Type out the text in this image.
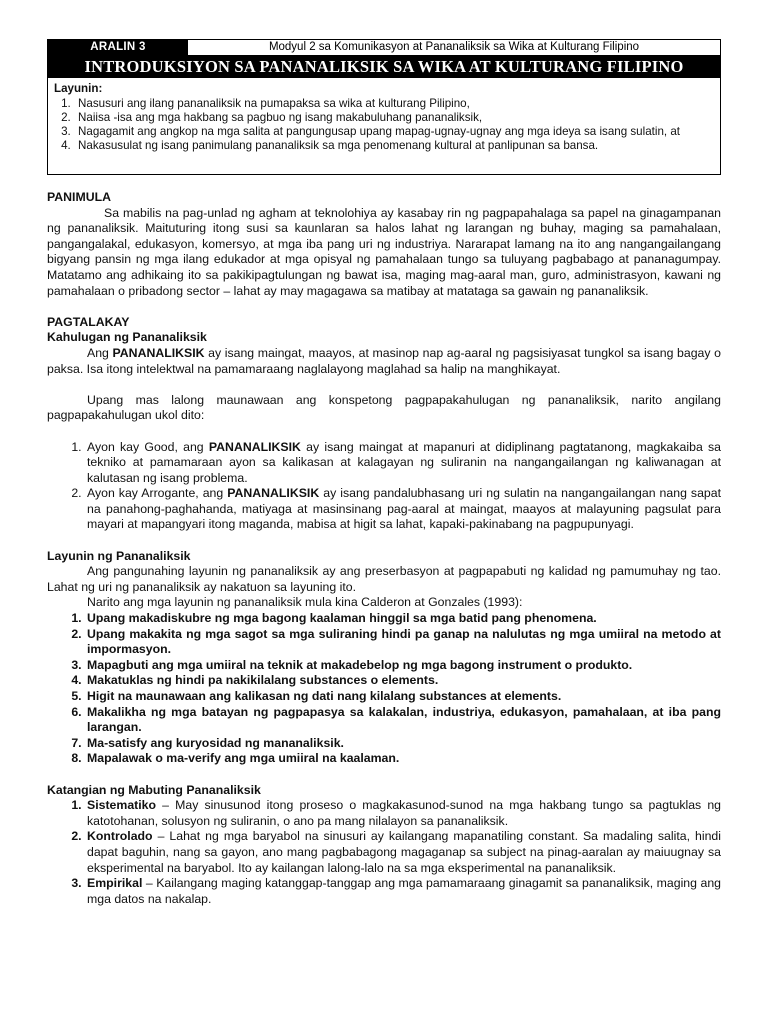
ARALIN 3	Modyul 2 sa Komunikasyon at Pananaliksik sa Wika at Kulturang Filipino
INTRODUKSIYON SA PANANALIKSIK SA WIKA AT KULTURANG FILIPINO
Layunin:
1. Nasusuri ang ilang pananaliksik na pumapaksa sa wika at kulturang Pilipino,
2. Naiisa -isa ang mga hakbang sa pagbuo ng isang makabuluhang pananaliksik,
3. Nagagamit ang angkop na mga salita at pangungusap upang mapag-ugnay-ugnay ang mga ideya sa isang sulatin, at
4. Nakasusulat ng isang panimulang pananaliksik sa mga penomenang kultural at panlipunan sa bansa.

PANIMULA

Sa mabilis na pag-unlad ng agham at teknolohiya ay kasabay rin ng pagpapahalaga sa papel na ginagampanan ng pananaliksik. Maituturing itong susi sa kaunlaran sa halos lahat ng larangan ng buhay, maging sa pamahalaan, pangangalakal, edukasyon, komersyo, at mga iba pang uri ng industriya. Nararapat lamang na ito ang nangangailangang bigyang pansin ng mga ilang edukador at mga opisyal ng pamahalaan tungo sa tuluyang pagbabago at pananagumpay. Matatamo ang adhikaing ito sa pakikipagtulungan ng bawat isa, maging mag-aaral man, guro, administrasyon, kawani ng pamahalaan o pribadong sector – lahat ay may magagawa sa matibay at matataga sa gawain ng pananaliksik.

PAGTALAKAY

Kahulugan ng Pananaliksik

Ang PANANALIKSIK ay isang maingat, maayos, at masinop nap ag-aaral ng pagsisiyasat tungkol sa isang bagay o paksa. Isa itong intelektwal na pamamaraang naglalayong maglahad sa halip na manghikayat.

Upang mas lalong maunawaan ang konspetong pagpapakahulugan ng pananaliksik, narito angilang pagpapakahulugan ukol dito:

1. Ayon kay Good, ang PANANALIKSIK ay isang maingat at mapanuri at didiplinang pagtatanong, magkakaiba sa tekniko at pamamaraan ayon sa kalikasan at kalagayan ng suliranin na nangangailangan ng kaliwanagan at kalutasan ng isang problema.
2. Ayon kay Arrogante, ang PANANALIKSIK ay isang pandalubhasang uri ng sulatin na nangangailangan nang sapat na panahong-paghahanda, matiyaga at masinsinang pag-aaral at maingat, maayos at malayuning pagsulat para mayari at mapangyari itong maganda, mabisa at higit sa lahat, kapaki-pakinabang na pagpupunyagi.

Layunin ng Pananaliksik

Ang pangunahing layunin ng pananaliksik ay ang preserbasyon at pagpapabuti ng kalidad ng pamumuhay ng tao. Lahat ng uri ng pananaliksik ay nakatuon sa layuning ito.

Narito ang mga layunin ng pananaliksik mula kina Calderon at Gonzales (1993):

1. Upang makadiskubre ng mga bagong kaalaman hinggil sa mga batid pang phenomena.
2. Upang makakita ng mga sagot sa mga suliraning hindi pa ganap na nalulutas ng mga umiiral na metodo at impormasyon.
3. Mapagbuti ang mga umiiral na teknik at makadebelop ng mga bagong instrument o produkto.
4. Makatuklas ng hindi pa nakikilalang substances o elements.
5. Higit na maunawaan ang kalikasan ng dati nang kilalang substances at elements.
6. Makalikha ng mga batayan ng pagpapasya sa kalakalan, industriya, edukasyon, pamahalaan, at iba pang larangan.
7. Ma-satisfy ang kuryosidad ng mananaliksik.
8. Mapalawak o ma-verify ang mga umiiral na kaalaman.

Katangian ng Mabuting Pananaliksik

1. Sistematiko – May sinusunod itong proseso o magkakasunod-sunod na mga hakbang tungo sa pagtuklas ng katotohanan, solusyon ng suliranin, o ano pa mang nilalayon sa pananaliksik.
2. Kontrolado – Lahat ng mga baryabol na sinusuri ay kailangang mapanatiling constant. Sa madaling salita, hindi dapat baguhin, nang sa gayon, ano mang pagbabagong magaganap sa subject na pinag-aaralan ay maiuugnay sa eksperimental na baryabol. Ito ay kailangan lalong-lalo na sa mga eksperimental na pananaliksik.
3. Empirikal – Kailangang maging katanggap-tanggap ang mga pamamaraang ginagamit sa pananaliksik, maging ang mga datos na nakalap.
